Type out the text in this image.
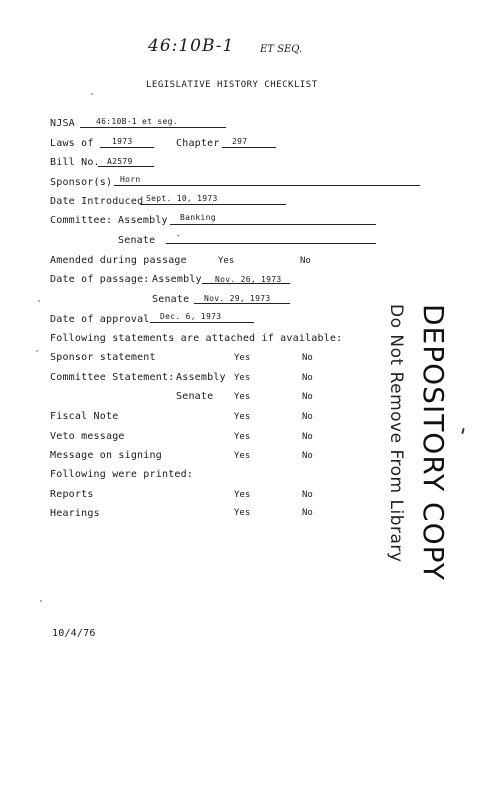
46:10B-1	ET SEQ.
LEGISLATIVE HISTORY CHECKLIST
NJSA	46:10B-1 et seg.
Laws of 1973	Chapter 297
Bill No. A2579
Sponsor(s) Horn
Date Introduced Sept. 10, 1973
Committee: Assembly Banking
Senate	-
Amended during passage	Yes	No
Date of passage: Assembly Nov. 26, 1973
Senate Nov. 29, 1973
Date of approval Dec. 6, 1973
Following statements are attached if available:
Sponsor statement	Yes	No
Committee Statement: Assembly Yes	No
Senate Yes	No
Fiscal Note	Yes	No
Veto message	Yes	No
Message on signing	Yes	No
Following were printed:
Reports	Yes	No
Hearings	Yes	No
10/4/76
DEPOSITORY COPY
Do Not Remove From Library
